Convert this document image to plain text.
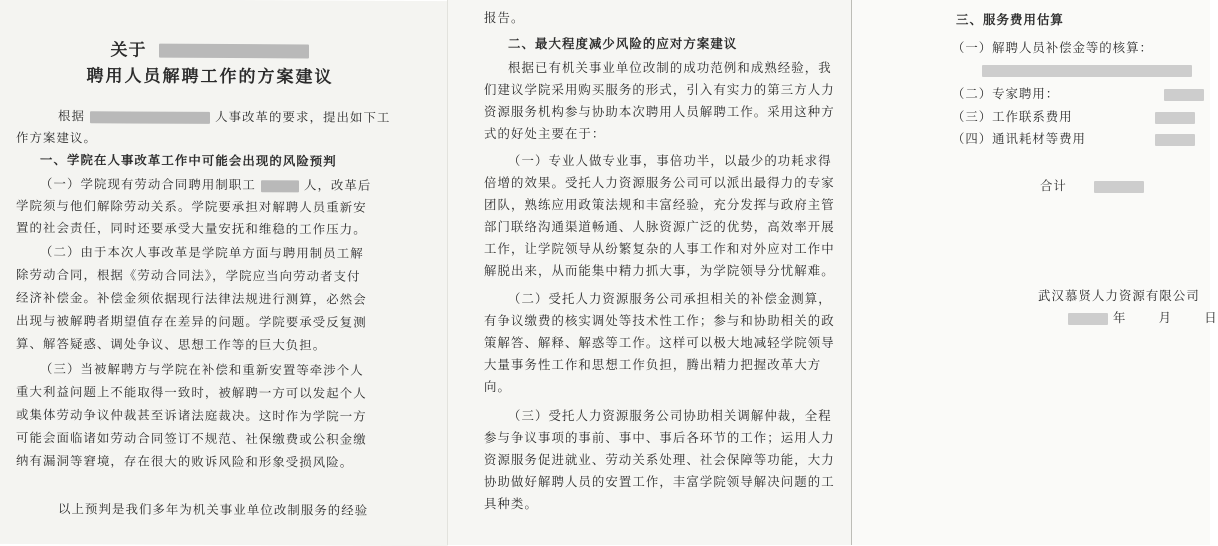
关于
聘用人员解聘工作的方案建议
根据	人事改革的要求，提出如下工
作方案建议。
一、学院在人事改革工作中可能会出现的风险预判
（一）学院现有劳动合同聘用制职工	人，改革后
学院须与他们解除劳动关系。学院要承担对解聘人员重新安
置的社会责任，同时还要承受大量安抚和维稳的工作压力。
（二）由于本次人事改革是学院单方面与聘用制员工解
除劳动合同，根据《劳动合同法》，学院应当向劳动者支付
经济补偿金。补偿金须依据现行法律法规进行测算，必然会
出现与被解聘者期望值存在差异的问题。学院要承受反复测
算、解答疑惑、调处争议、思想工作等的巨大负担。
（三）当被解聘方与学院在补偿和重新安置等牵涉个人
重大利益问题上不能取得一致时，被解聘一方可以发起个人
或集体劳动争议仲裁甚至诉诸法庭裁决。这时作为学院一方
可能会面临诸如劳动合同签订不规范、社保缴费或公积金缴
纳有漏洞等窘境，存在很大的败诉风险和形象受损风险。
以上预判是我们多年为机关事业单位改制服务的经验
报告。
二、最大程度减少风险的应对方案建议
根据已有机关事业单位改制的成功范例和成熟经验，我
们建议学院采用购买服务的形式，引入有实力的第三方人力
资源服务机构参与协助本次聘用人员解聘工作。采用这种方
式的好处主要在于：
（一）专业人做专业事，事倍功半，以最少的功耗求得
倍增的效果。受托人力资源服务公司可以派出最得力的专家
团队，熟练应用政策法规和丰富经验，充分发挥与政府主管
部门联络沟通渠道畅通、人脉资源广泛的优势，高效率开展
工作，让学院领导从纷繁复杂的人事工作和对外应对工作中
解脱出来，从而能集中精力抓大事，为学院领导分忧解难。
（二）受托人力资源服务公司承担相关的补偿金测算，
有争议缴费的核实调处等技术性工作；参与和协助相关的政
策解答、解释、解惑等工作。这样可以极大地减轻学院领导
大量事务性工作和思想工作负担，腾出精力把握改革大方
向。
（三）受托人力资源服务公司协助相关调解仲裁，全程
参与争议事项的事前、事中、事后各环节的工作；运用人力
资源服务促进就业、劳动关系处理、社会保障等功能，大力
协助做好解聘人员的安置工作，丰富学院领导解决问题的工
具种类。
三、服务费用估算
（一）解聘人员补偿金等的核算：
（二）专家聘用：
（三）工作联系费用
（四）通讯耗材等费用
合计
武汉慕贤人力资源有限公司
年	月	日
